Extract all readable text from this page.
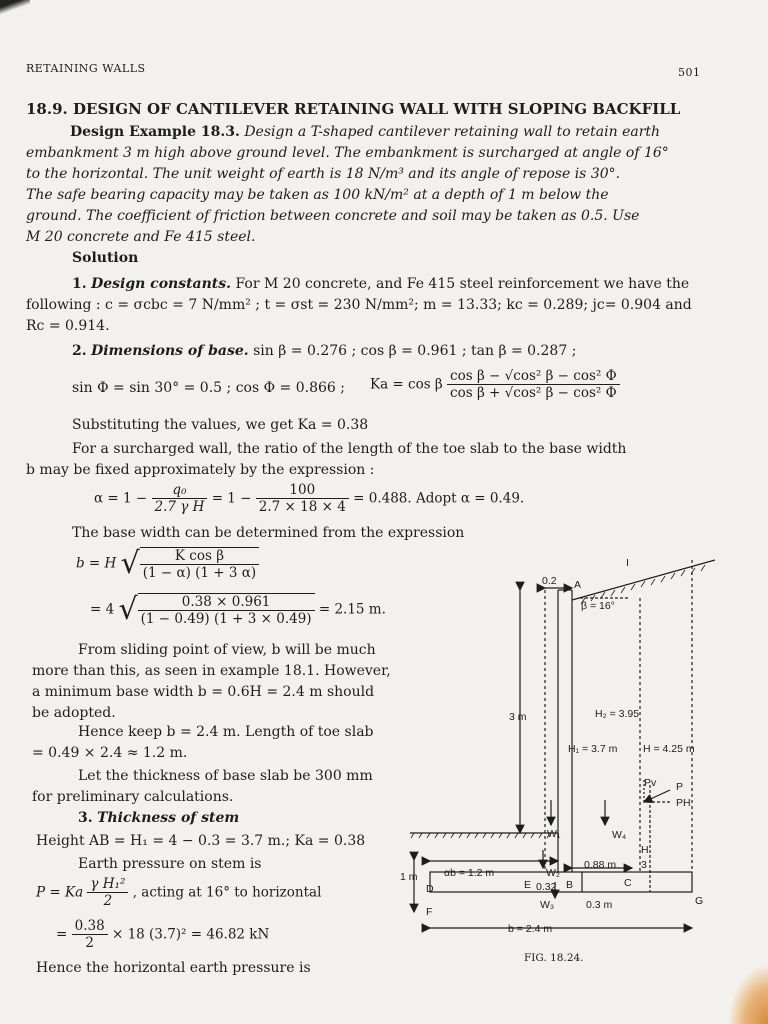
RETAINING WALLS	501
18.9. DESIGN OF CANTILEVER RETAINING WALL WITH SLOPING BACKFILL
Design Example 18.3. Design a T-shaped cantilever retaining wall to retain earth
embankment 3 m high above ground level. The embankment is surcharged at angle of 16°
to the horizontal. The unit weight of earth is 18 N/m³ and its angle of repose is 30°.
The safe bearing capacity may be taken as 100 kN/m² at a depth of 1 m below the
ground. The coefficient of friction between concrete and soil may be taken as 0.5. Use
M 20 concrete and Fe 415 steel.
Solution
1. Design constants. For M 20 concrete, and Fe 415 steel reinforcement we have the
following : c = σcbc = 7 N/mm² ; t = σst = 230 N/mm²; m = 13.33; kc = 0.289; jc= 0.904 and
Rc = 0.914.
2. Dimensions of base. sin β = 0.276 ; cos β = 0.961 ; tan β = 0.287 ;
sin Φ = sin 30° = 0.5 ; cos Φ = 0.866 ; Ka = cos β $\frac{\text{cos β − √cos² β − cos² Φ}}{\text{cos β + √cos² β − cos² Φ}}$
Substituting the values, we get Ka = 0.38
For a surcharged wall, the ratio of the length of the toe slab to the base width
b may be fixed approximately by the expression :
$\alpha = 1 - \frac{\text{q₀}}{\text{2.7 γ H}} = 1 - \frac{100}{2.7 \times 18 \times 4} = 0.488$. Adopt α = 0.49.
The base width can be determined from the expression
b = H √ $\frac{\text{K cos β}}{(1 - \alpha) (1 + 3 \alpha)}$
= 4 √ $\frac{0.38 \times 0.961}{(1 - 0.49) (1 + 3 \times 0.49)} = 2.15$ m.
From sliding point of view, b will be much
more than this, as seen in example 18.1. However,
a minimum base width b = 0.6H = 2.4 m should
be adopted.
Hence keep b = 2.4 m. Length of toe slab
= 0.49 × 2.4 ≈ 1.2 m.
Let the thickness of base slab be 300 mm
for preliminary calculations.
3. Thickness of stem
Height AB = H₁ = 4 − 0.3 = 3.7 m.; Ka = 0.38
Earth pressure on stem is
P = Ka $\frac{\text{γ H₁²}}{2}$ , acting at 16° to horizontal
= $\frac{0.38}{2} \times 18$ (3.7)² = 46.82 kN
Hence the horizontal earth pressure is
I
A
0.2
β = 16°
3 m	H₂ = 3.95
H₁ = 3.7 m H = 4.25 m
Pv P
PH
W₁	W₄
H
3
1 m	αb = 1.2 m	W₂
E 0.32 B
0.88 m
C
D
F
W₃	0.3 m	G
b = 2.4 m
FIG. 18.24.
